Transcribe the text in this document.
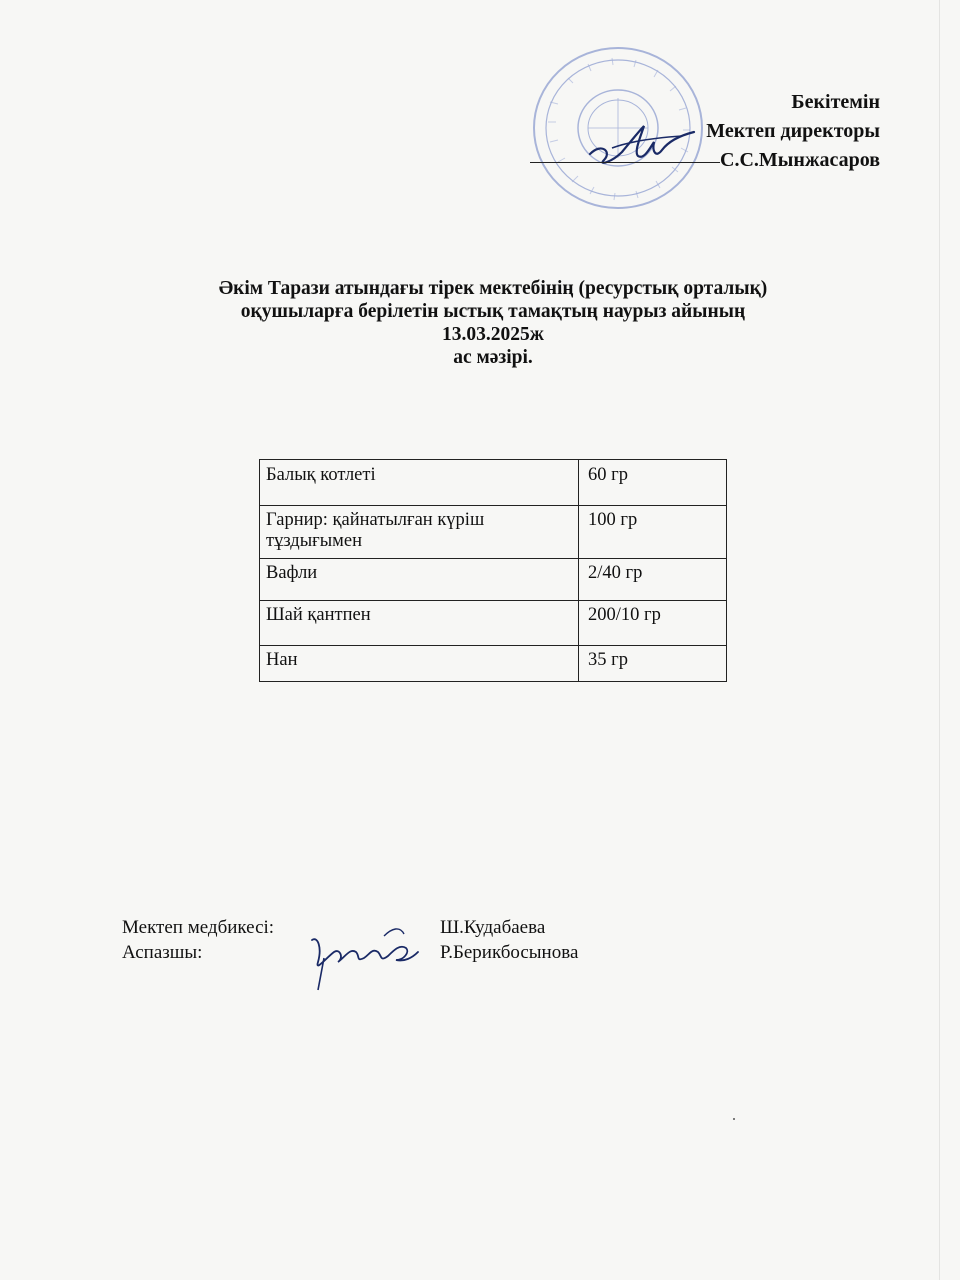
Бекітемін
Мектеп директоры
С.С.Мынжасаров
Әкім Тарази атындағы тірек мектебінің (ресурстық орталық)
оқушыларға берілетін ыстық тамақтың наурыз айының
13.03.2025ж
ас мәзірі.
Балық котлеті	60 гр
Гарнир: қайнатылған күріш тұздығымен	100 гр
Вафли	2/40 гр
Шай қантпен	200/10 гр
Нан	35 гр
Мектеп медбикесі:	Ш.Кудабаева
Аспазшы:	Р.Берикбосынова
